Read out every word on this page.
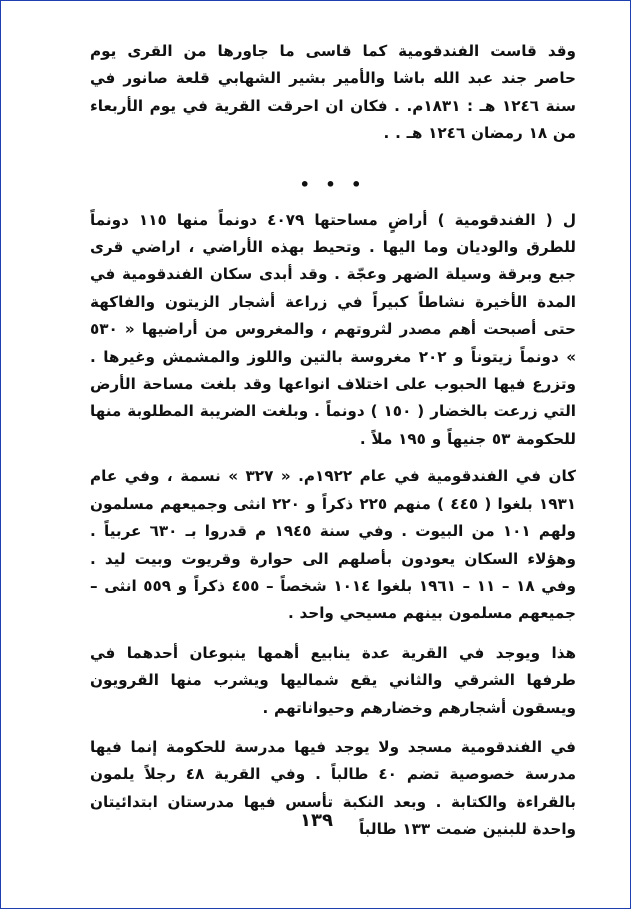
وقد قاست الفندقومية كما قاسى ما جاورها من القرى يوم حاصر جند عبد الله باشا والأمير بشير الشهابي قلعة صانور في سنة ١٢٤٦ هـ : ١٨٣١م. . فكان ان احرقت القرية في يوم الأربعاء من ١٨ رمضان ١٢٤٦ هـ . .

• • •

ل ( الفندقومية ) أراضٍ مساحتها ٤٠٧٩ دونماً منها ١١٥ دونماً للطرق والوديان وما اليها . وتحيط بهذه الأراضي ، اراضي قرى جبع وبرقة وسيلة الضهر وعجّة . وقد أبدى سكان الفندقومية في المدة الأخيرة نشاطاً كبيراً في زراعة أشجار الزيتون والفاكهة حتى أصبحت أهم مصدر لثروتهم ، والمغروس من أراضيها « ٥٣٠ » دونماً زيتوناً و ٢٠٢ مغروسة بالتين واللوز والمشمش وغيرها . وتزرع فيها الحبوب على اختلاف انواعها وقد بلغت مساحة الأرض التي زرعت بالخضار ( ١٥٠ ) دونماً . وبلغت الضريبة المطلوبة منها للحكومة ٥٣ جنيهاً و ١٩٥ ملاً .

كان في الفندقومية في عام ١٩٢٢م. « ٣٢٧ » نسمة ، وفي عام ١٩٣١ بلغوا ( ٤٤٥ ) منهم ٢٢٥ ذكراً و ٢٢٠ انثى وجميعهم مسلمون ولهم ١٠١ من البيوت . وفي سنة ١٩٤٥ م قدروا بـ ٦٣٠ عربياً . وهؤلاء السكان يعودون بأصلهم الى حوارة وقريوت وبيت ليد . وفي ١٨ – ١١ – ١٩٦١ بلغوا ١٠١٤ شخصاً – ٤٥٥ ذكراً و ٥٥٩ انثى – جميعهم مسلمون بينهم مسيحي واحد .

هذا ويوجد في القرية عدة ينابيع أهمها ينبوعان أحدهما في طرفها الشرقي والثاني يقع شماليها ويشرب منها القرويون ويسقون أشجارهم وخضارهم وحيواناتهم .

في الفندقومية مسجد ولا يوجد فيها مدرسة للحكومة إنما فيها مدرسة خصوصية تضم ٤٠ طالباً . وفي القرية ٤٨ رجلاً يلمون بالقراءة والكتابة . وبعد النكبة تأسس فيها مدرستان ابتدائيتان واحدة للبنين ضمت ١٣٣ طالباً

١٣٩
